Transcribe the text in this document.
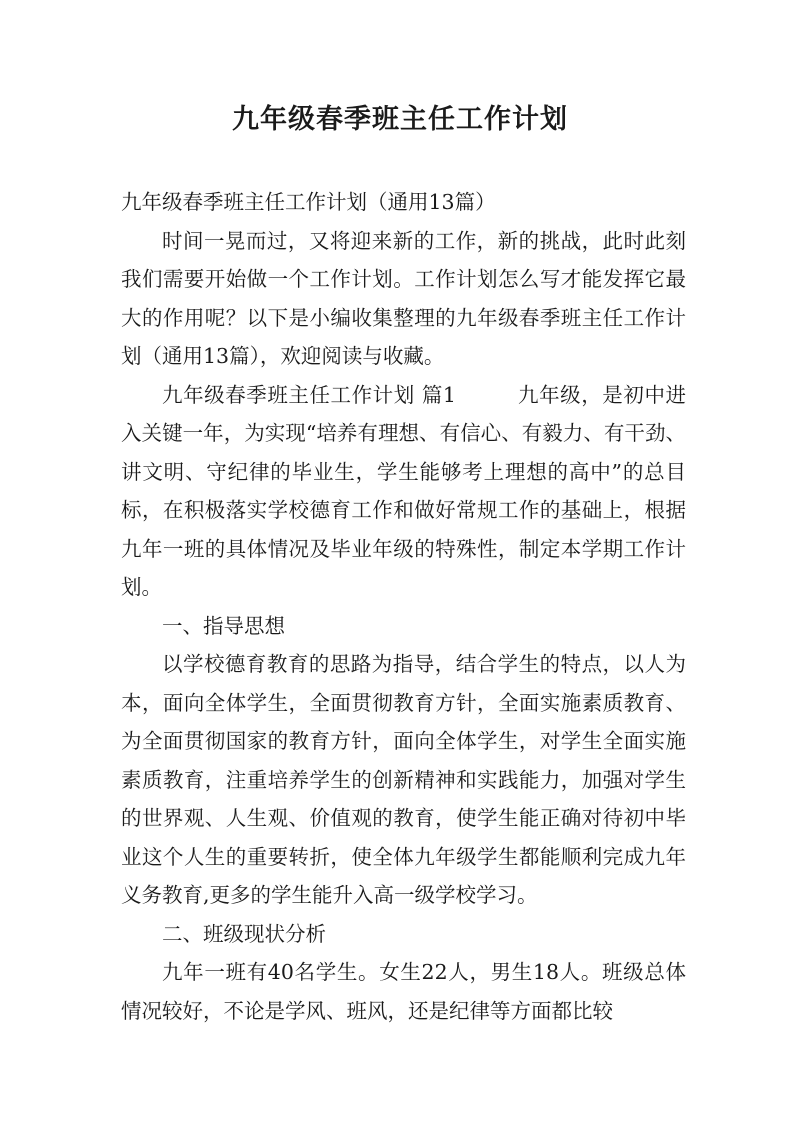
九年级春季班主任工作计划

九年级春季班主任工作计划（通用13篇）

时间一晃而过，又将迎来新的工作，新的挑战，此时此刻我们需要开始做一个工作计划。工作计划怎么写才能发挥它最大的作用呢？以下是小编收集整理的九年级春季班主任工作计划（通用13篇），欢迎阅读与收藏。

九年级春季班主任工作计划 篇1	九年级，是初中进入关键一年，为实现“培养有理想、有信心、有毅力、有干劲、讲文明、守纪律的毕业生，学生能够考上理想的高中”的总目标，在积极落实学校德育工作和做好常规工作的基础上，根据九年一班的具体情况及毕业年级的特殊性，制定本学期工作计划。

一、指导思想

以学校德育教育的思路为指导，结合学生的特点，以人为本，面向全体学生，全面贯彻教育方针，全面实施素质教育、为全面贯彻国家的教育方针，面向全体学生，对学生全面实施素质教育，注重培养学生的创新精神和实践能力，加强对学生的世界观、人生观、价值观的教育，使学生能正确对待初中毕业这个人生的重要转折，使全体九年级学生都能顺利完成九年义务教育,更多的学生能升入高一级学校学习。

二、班级现状分析

九年一班有40名学生。女生22人，男生18人。班级总体情况较好，不论是学风、班风，还是纪律等方面都比较
